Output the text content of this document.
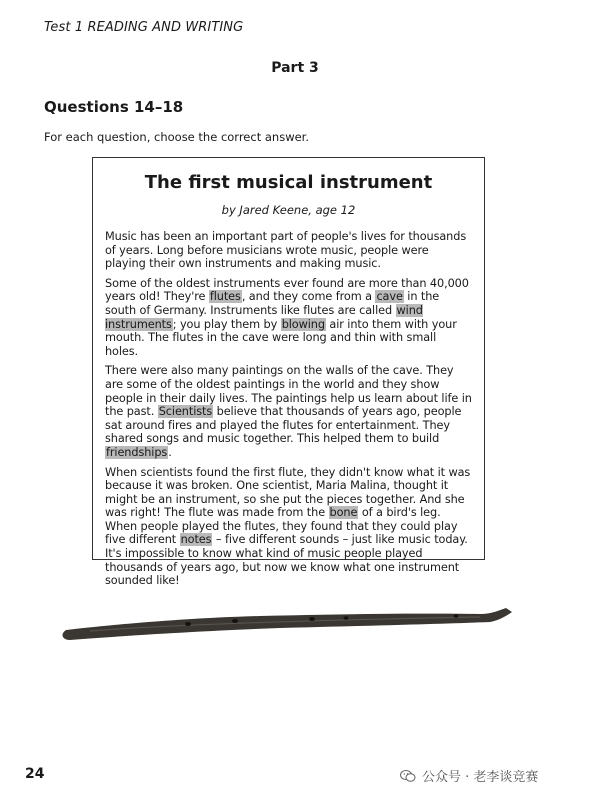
Test 1 READING AND WRITING
Part 3
Questions 14–18
For each question, choose the correct answer.
The first musical instrument
by Jared Keene, age 12

Music has been an important part of people's lives for thousands of years. Long before musicians wrote music, people were playing their own instruments and making music.

Some of the oldest instruments ever found are more than 40,000 years old! They're flutes, and they come from a cave in the south of Germany. Instruments like flutes are called wind instruments; you play them by blowing air into them with your mouth. The flutes in the cave were long and thin with small holes.

There were also many paintings on the walls of the cave. They are some of the oldest paintings in the world and they show people in their daily lives. The paintings help us learn about life in the past. Scientists believe that thousands of years ago, people sat around fires and played the flutes for entertainment. They shared songs and music together. This helped them to build friendships.

When scientists found the first flute, they didn't know what it was because it was broken. One scientist, Maria Malina, thought it might be an instrument, so she put the pieces together. And she was right! The flute was made from the bone of a bird's leg. When people played the flutes, they found that they could play five different notes – five different sounds – just like music today. It's impossible to know what kind of music people played thousands of years ago, but now we know what one instrument sounded like!

24	公众号 · 老李谈竞赛
